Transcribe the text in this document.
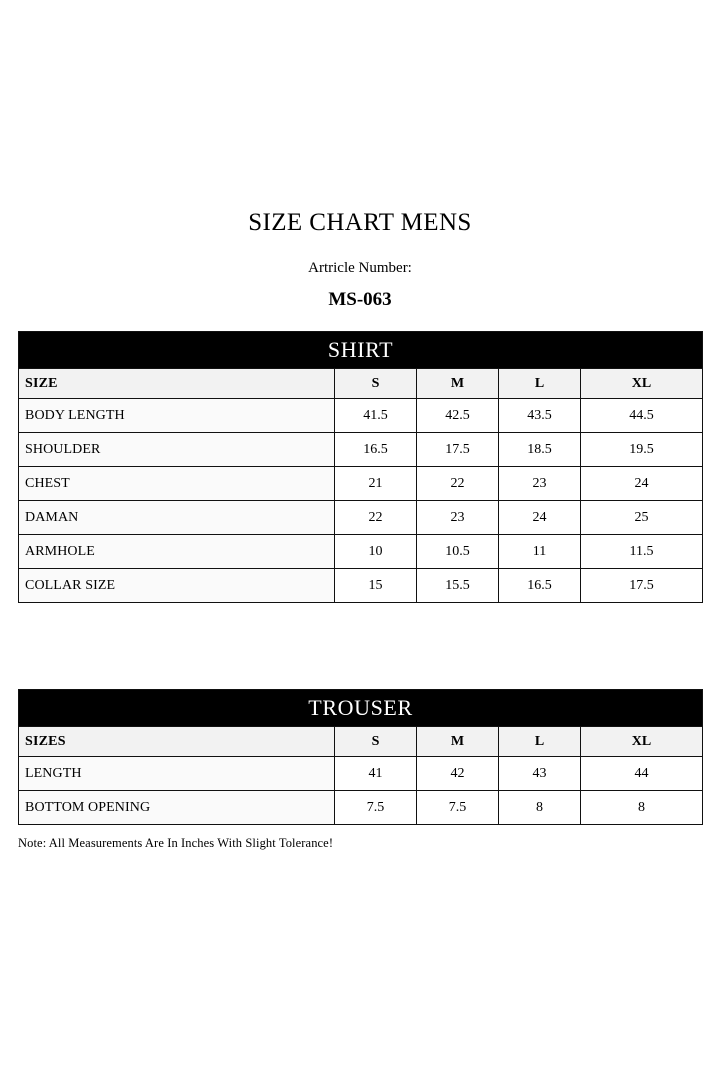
SIZE CHART MENS

Artricle Number:

MS-063

SHIRT				
SIZE	S	M	L	XL
BODY LENGTH	41.5	42.5	43.5	44.5
SHOULDER	16.5	17.5	18.5	19.5
CHEST	21	22	23	24
DAMAN	22	23	24	25
ARMHOLE	10	10.5	11	11.5
COLLAR SIZE	15	15.5	16.5	17.5
TROUSER				
SIZES	S	M	L	XL
LENGTH	41	42	43	44
BOTTOM OPENING	7.5	7.5	8	8

Note: All Measurements Are In Inches With Slight Tolerance!
